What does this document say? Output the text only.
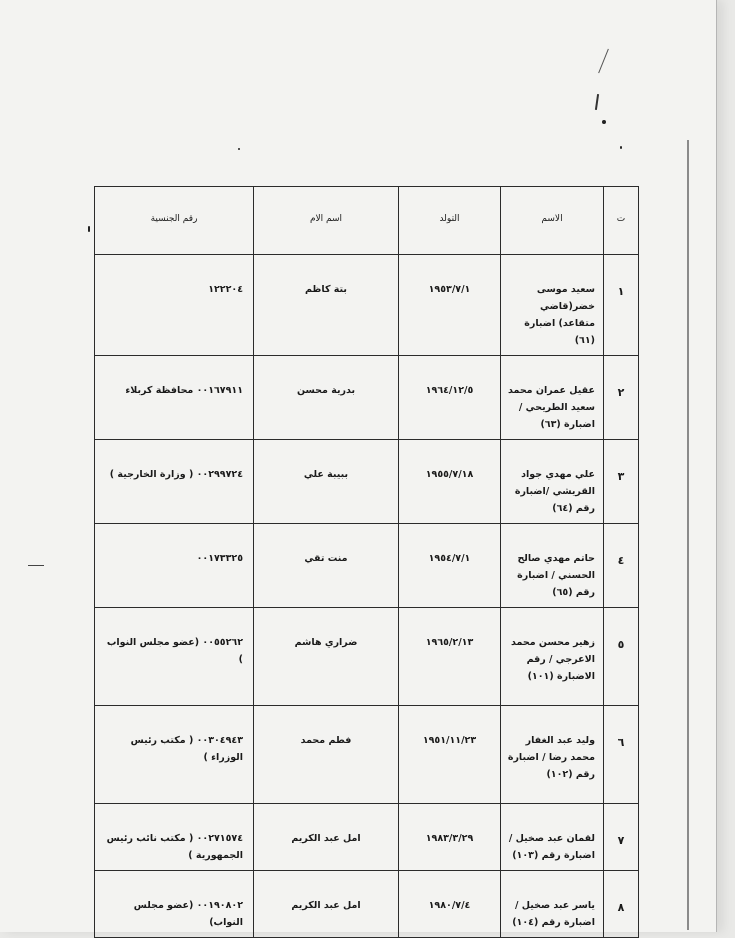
ت	الاسم	التولد	اسم الام	رقم الجنسية

١	سعيد موسى خضر(قاضي متقاعد) اضبارة (٦١)	١٩٥٣/٧/١	بتة كاظم	١٢٢٢٠٤

٢	عقيل عمران محمد سعيد الطريحي / اضبارة (٦٣)	١٩٦٤/١٢/٥	بدرية محسن	٠٠١٦٧٩١١ محافظة كربلاء

٣	علي مهدي جواد القريشي /اضبارة رقم (٦٤)	١٩٥٥/٧/١٨	ببيبة علي	٠٠٢٩٩٧٢٤ ( وزارة الخارجية )

٤	حاتم مهدي صالح الحسني / اضبارة رقم (٦٥)	١٩٥٤/٧/١	منت تقي	٠٠١٧٣٣٢٥

٥	زهير محسن محمد الاعرجي / رقم الاضبارة (١٠١)	١٩٦٥/٢/١٣	ضراري هاشم	٠٠٥٥٢٦٢ (عضو مجلس النواب )

٦	وليد عبد الغفار محمد رضا / اضبارة رقم (١٠٢)	١٩٥١/١١/٢٣	فطم محمد	٠٠٣٠٤٩٤٣ ( مكتب رئيس الوزراء )

٧	لقمان عبد صخيل / اضبارة رقم (١٠٣)	١٩٨٣/٣/٢٩	امل عبد الكريم	٠٠٢٧١٥٧٤ ( مكتب نائب رئيس الجمهورية )

٨	ياسر عبد صخيل / اضبارة رقم (١٠٤)	١٩٨٠/٧/٤	امل عبد الكريم	٠٠١٩٠٨٠٢ (عضو مجلس النواب)
